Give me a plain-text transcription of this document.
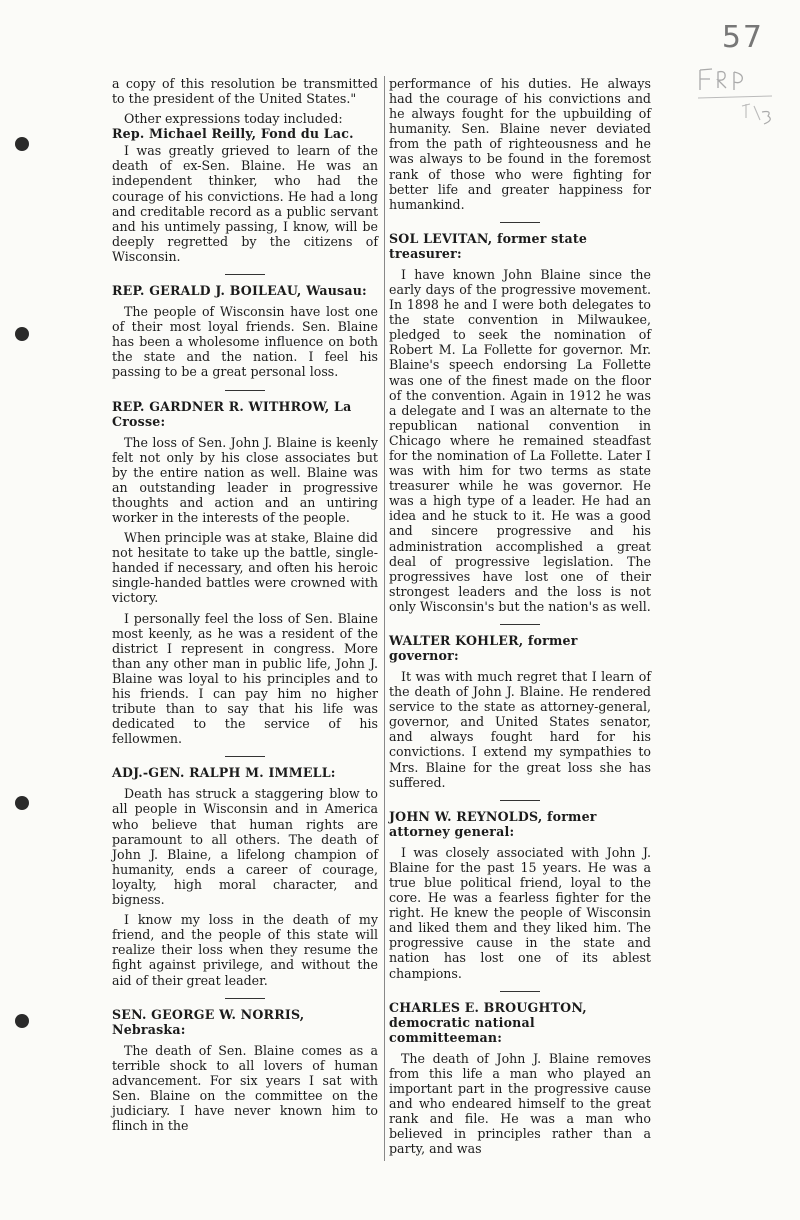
57

a copy of this resolution be transmitted to the president of the United States."

Other expressions today included:

Rep. Michael Reilly, Fond du Lac.

I was greatly grieved to learn of the death of ex-Sen. Blaine. He was an independent thinker, who had the courage of his convictions. He had a long and creditable record as a public servant and his untimely passing, I know, will be deeply regretted by the citizens of Wisconsin.

REP. GERALD J. BOILEAU, Wausau:

The people of Wisconsin have lost one of their most loyal friends. Sen. Blaine has been a wholesome influence on both the state and the nation. I feel his passing to be a great personal loss.

REP. GARDNER R. WITHROW, La Crosse:

The loss of Sen. John J. Blaine is keenly felt not only by his close associates but by the entire nation as well. Blaine was an outstanding leader in progressive thoughts and action and an untiring worker in the interests of the people.

When principle was at stake, Blaine did not hesitate to take up the battle, single-handed if necessary, and often his heroic single-handed battles were crowned with victory.

I personally feel the loss of Sen. Blaine most keenly, as he was a resident of the district I represent in congress. More than any other man in public life, John J. Blaine was loyal to his principles and to his friends. I can pay him no higher tribute than to say that his life was dedicated to the service of his fellowmen.

ADJ.-GEN. RALPH M. IMMELL:

Death has struck a staggering blow to all people in Wisconsin and in America who believe that human rights are paramount to all others. The death of John J. Blaine, a lifelong champion of humanity, ends a career of courage, loyalty, high moral character, and bigness.

I know my loss in the death of my friend, and the people of this state will realize their loss when they resume the fight against privilege, and without the aid of their great leader.

SEN. GEORGE W. NORRIS, Nebraska:

The death of Sen. Blaine comes as a terrible shock to all lovers of human advancement. For six years I sat with Sen. Blaine on the committee on the judiciary. I have never known him to flinch in the

performance of his duties. He always had the courage of his convictions and he always fought for the upbuilding of humanity. Sen. Blaine never deviated from the path of righteousness and he was always to be found in the foremost rank of those who were fighting for better life and greater happiness for humankind.

SOL LEVITAN, former state treasurer:

I have known John Blaine since the early days of the progressive movement. In 1898 he and I were both delegates to the state convention in Milwaukee, pledged to seek the nomination of Robert M. La Follette for governor. Mr. Blaine's speech endorsing La Follette was one of the finest made on the floor of the convention. Again in 1912 he was a delegate and I was an alternate to the republican national convention in Chicago where he remained steadfast for the nomination of La Follette. Later I was with him for two terms as state treasurer while he was governor. He was a high type of a leader. He had an idea and he stuck to it. He was a good and sincere progressive and his administration accomplished a great deal of progressive legislation. The progressives have lost one of their strongest leaders and the loss is not only Wisconsin's but the nation's as well.

WALTER KOHLER, former governor:

It was with much regret that I learn of the death of John J. Blaine. He rendered service to the state as attorney-general, governor, and United States senator, and always fought hard for his convictions. I extend my sympathies to Mrs. Blaine for the great loss she has suffered.

JOHN W. REYNOLDS, former attorney general:

I was closely associated with John J. Blaine for the past 15 years. He was a true blue political friend, loyal to the core. He was a fearless fighter for the right. He knew the people of Wisconsin and liked them and they liked him. The progressive cause in the state and nation has lost one of its ablest champions.

CHARLES E. BROUGHTON, democratic national committeeman:

The death of John J. Blaine removes from this life a man who played an important part in the progressive cause and who endeared himself to the great rank and file. He was a man who believed in principles rather than a party, and was
